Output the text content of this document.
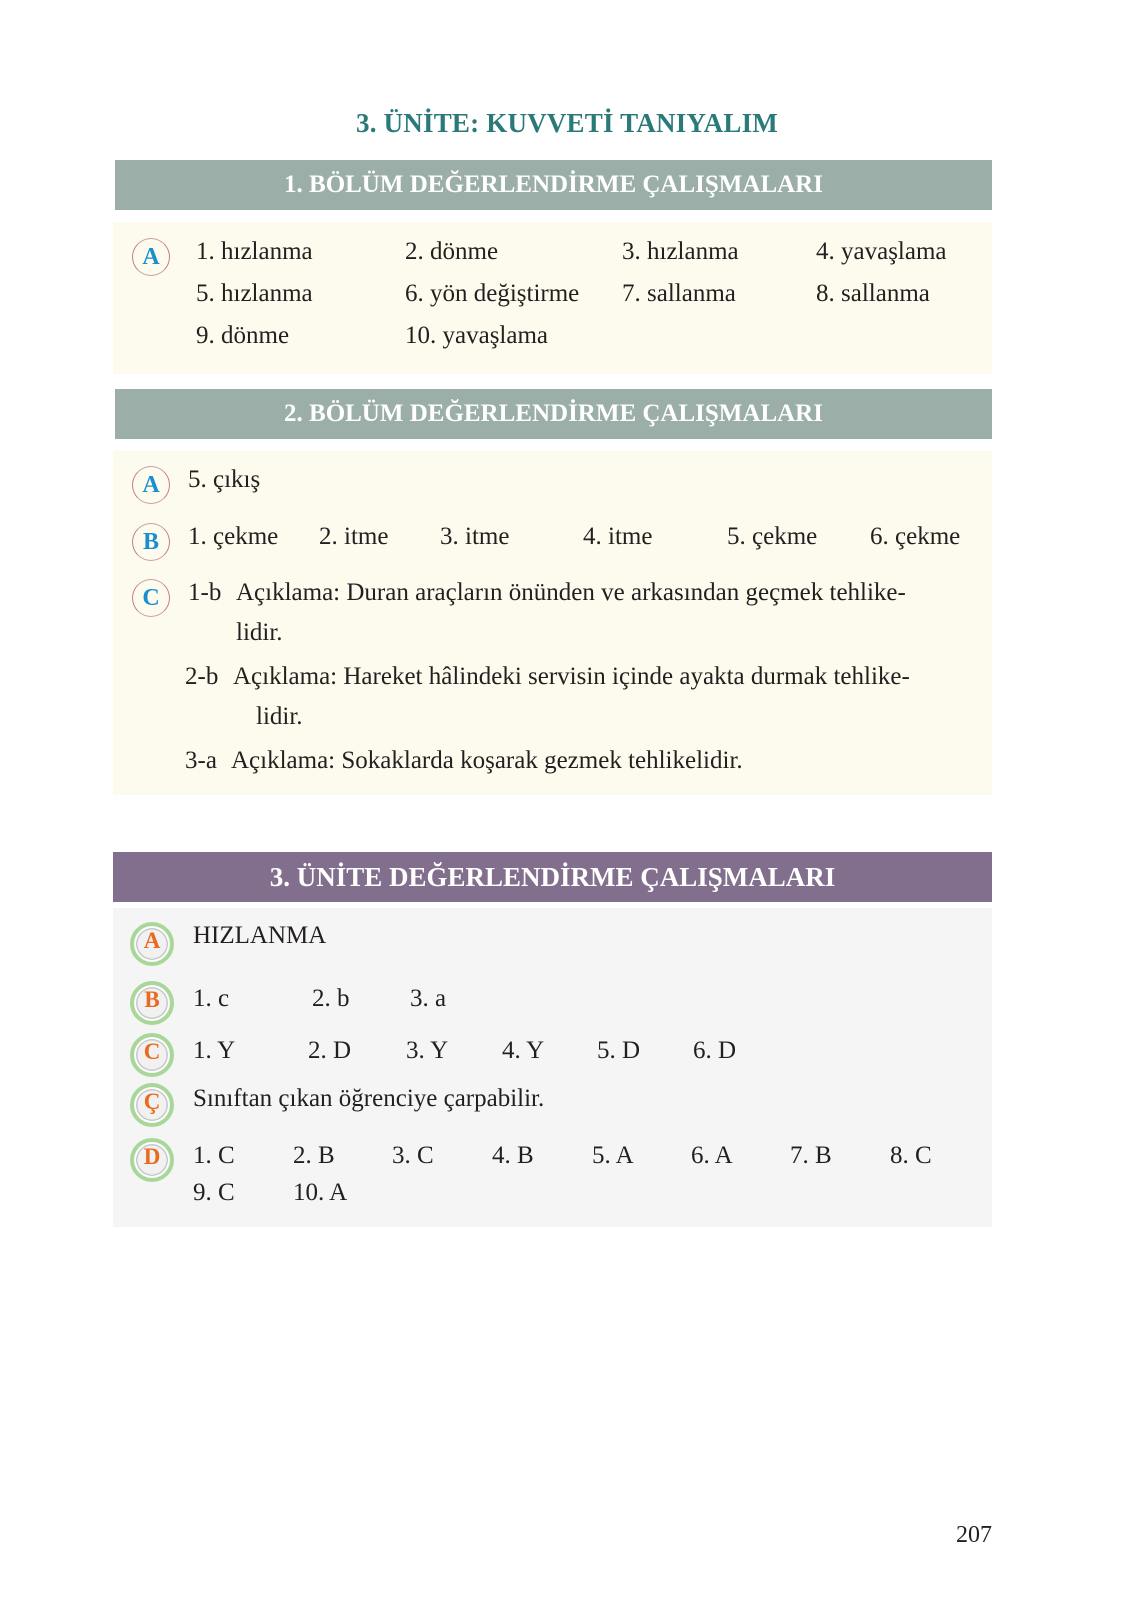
3. ÜNİTE: KUVVETİ TANIYALIM
1. BÖLÜM DEĞERLENDİRME ÇALIŞMALARI
A	1. hızlanma	2. dönme	3. hızlanma	4. yavaşlama
5. hızlanma	6. yön değiştirme 7. sallanma	8. sallanma
9. dönme	10. yavaşlama
2. BÖLÜM DEĞERLENDİRME ÇALIŞMALARI
A	5. çıkış
B	1. çekme 2. itme 3. itme	4. itme	5. çekme 6. çekme
C	1-b Açıklama: Duran araçların önünden ve arkasından geçmek tehlike-
lidir.
2-b Açıklama: Hareket hâlindeki servisin içinde ayakta durmak tehlike-
lidir.
3-a Açıklama: Sokaklarda koşarak gezmek tehlikelidir.
3. ÜNİTE DEĞERLENDİRME ÇALIŞMALARI
A	HIZLANMA
B	1. c	2. b 3. a
C	1. Y	2. D 3. Y 4. Y 5. D 6. D
Ç	Sınıftan çıkan öğrenciye çarpabilir.
D	1. C 2. B 3. C 4. B 5. A 6. A 7. B 8. C
9. C 10. A
207
